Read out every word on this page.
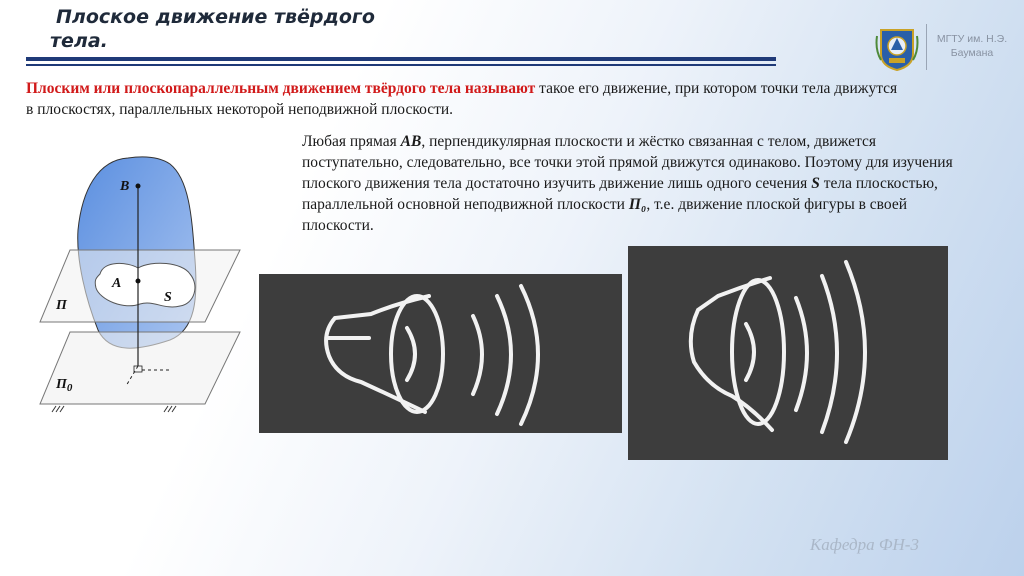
Плоское движение твёрдого
тела.	МГТУ им. Н.Э. Баумана

Плоским или плоскопараллельным движением твёрдого тела называют такое его движение, при котором точки тела движутся в плоскостях, параллельных некоторой неподвижной плоскости.

Любая прямая AB, перпендикулярная плоскости и жёстко связанная с телом, движется поступательно, следовательно, все точки этой прямой движутся одинаково. Поэтому для изучения плоского движения тела достаточно изучить движение лишь одного сечения S тела плоскостью, параллельной основной неподвижной плоскости П₀, т.е. движение плоской фигуры в своей плоскости.

B
A
S
П
$П_0$
Кафедра ФН-3
